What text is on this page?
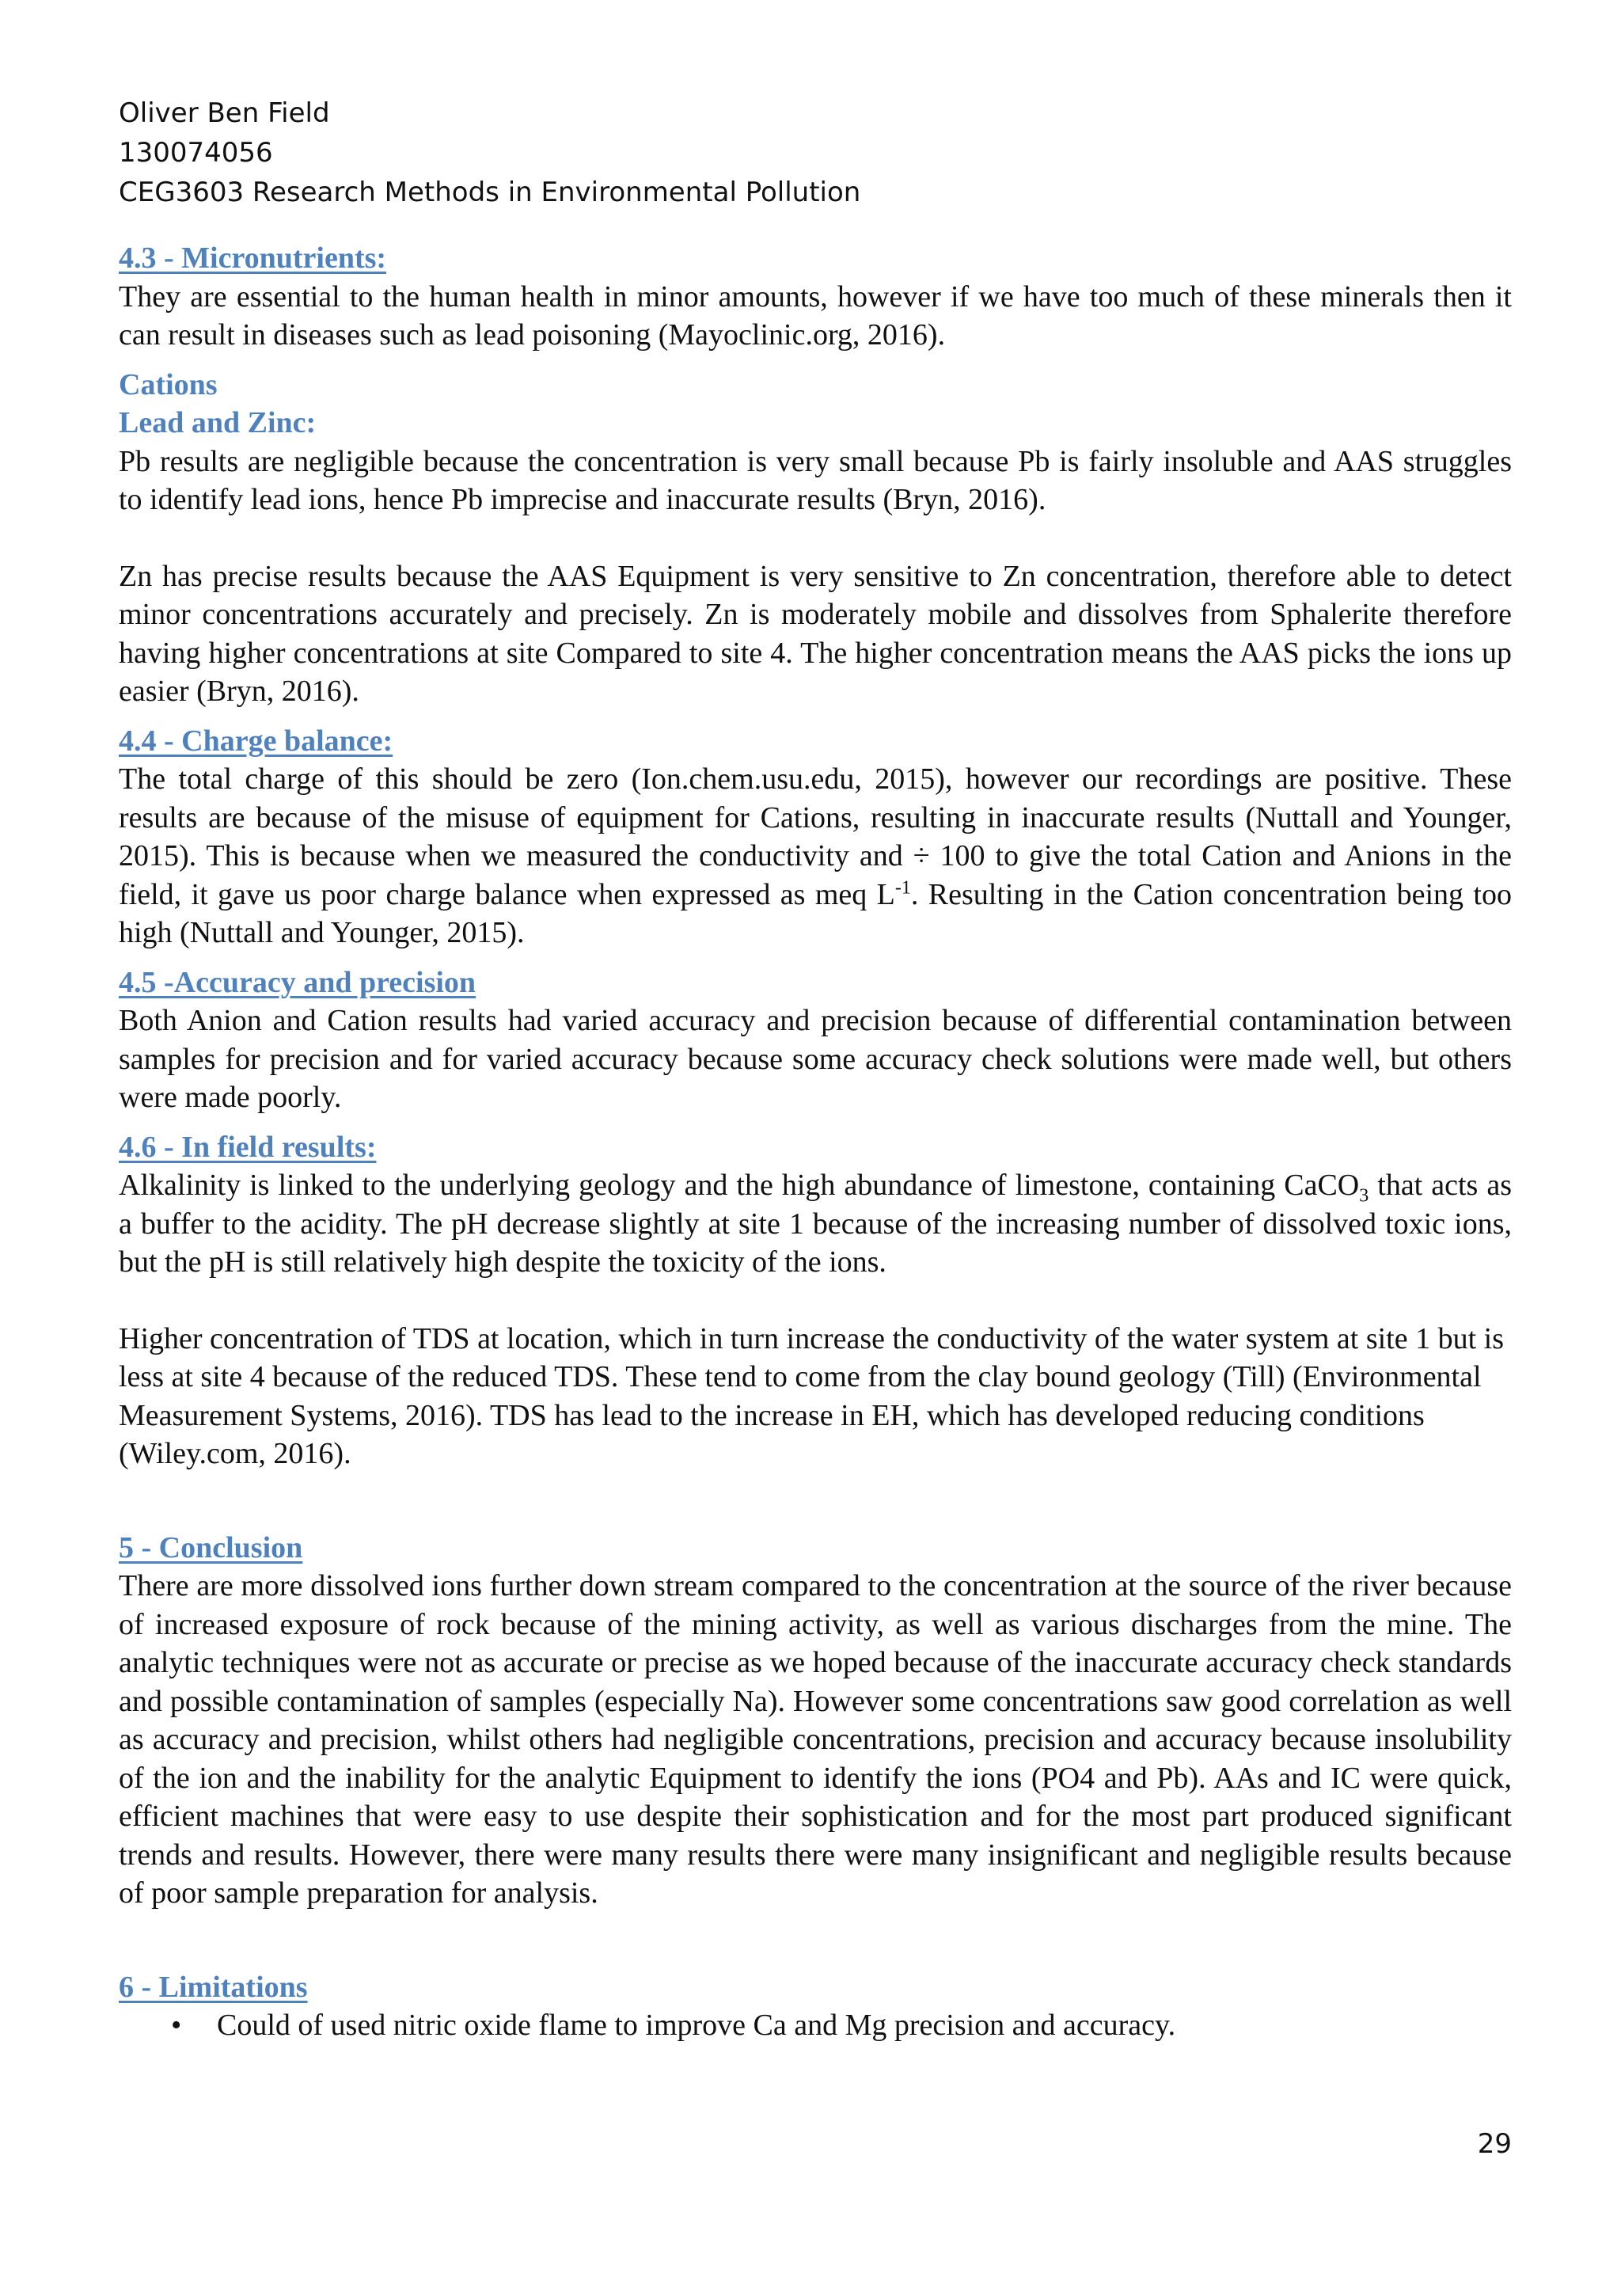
Oliver Ben Field
130074056
CEG3603 Research Methods in Environmental Pollution
4.3 - Micronutrients:

They are essential to the human health in minor amounts, however if we have too much of these minerals then it can result in diseases such as lead poisoning (Mayoclinic.org, 2016).

Cations
Lead and Zinc:

Pb results are negligible because the concentration is very small because Pb is fairly insoluble and AAS struggles to identify lead ions, hence Pb imprecise and inaccurate results (Bryn, 2016).

Zn has precise results because the AAS Equipment is very sensitive to Zn concentration, therefore able to detect minor concentrations accurately and precisely. Zn is moderately mobile and dissolves from Sphalerite therefore having higher concentrations at site Compared to site 4. The higher concentration means the AAS picks the ions up easier (Bryn, 2016).

4.4 - Charge balance:

The total charge of this should be zero (Ion.chem.usu.edu, 2015), however our recordings are positive. These results are because of the misuse of equipment for Cations, resulting in inaccurate results (Nuttall and Younger, 2015). This is because when we measured the conductivity and ÷ 100 to give the total Cation and Anions in the field, it gave us poor charge balance when expressed as meq $L^{-1}$. Resulting in the Cation concentration being too high (Nuttall and Younger, 2015).

4.5 -Accuracy and precision

Both Anion and Cation results had varied accuracy and precision because of differential contamination between samples for precision and for varied accuracy because some accuracy check solutions were made well, but others were made poorly.

4.6 - In field results:

Alkalinity is linked to the underlying geology and the high abundance of limestone, containing CaCO$_3$ that acts as a buffer to the acidity. The pH decrease slightly at site 1 because of the increasing number of dissolved toxic ions, but the pH is still relatively high despite the toxicity of the ions.

Higher concentration of TDS at location, which in turn increase the conductivity of the water system at site 1 but is less at site 4 because of the reduced TDS. These tend to come from the clay bound geology (Till) (Environmental Measurement Systems, 2016). TDS has lead to the increase in EH, which has developed reducing conditions (Wiley.com, 2016).

5 - Conclusion

There are more dissolved ions further down stream compared to the concentration at the source of the river because of increased exposure of rock because of the mining activity, as well as various discharges from the mine. The analytic techniques were not as accurate or precise as we hoped because of the inaccurate accuracy check standards and possible contamination of samples (especially Na). However some concentrations saw good correlation as well as accuracy and precision, whilst others had negligible concentrations, precision and accuracy because insolubility of the ion and the inability for the analytic Equipment to identify the ions (PO4 and Pb). AAs and IC were quick, efficient machines that were easy to use despite their sophistication and for the most part produced significant trends and results. However, there were many results there were many insignificant and negligible results because of poor sample preparation for analysis.

6 - Limitations
• Could of used nitric oxide flame to improve Ca and Mg precision and accuracy.
29
